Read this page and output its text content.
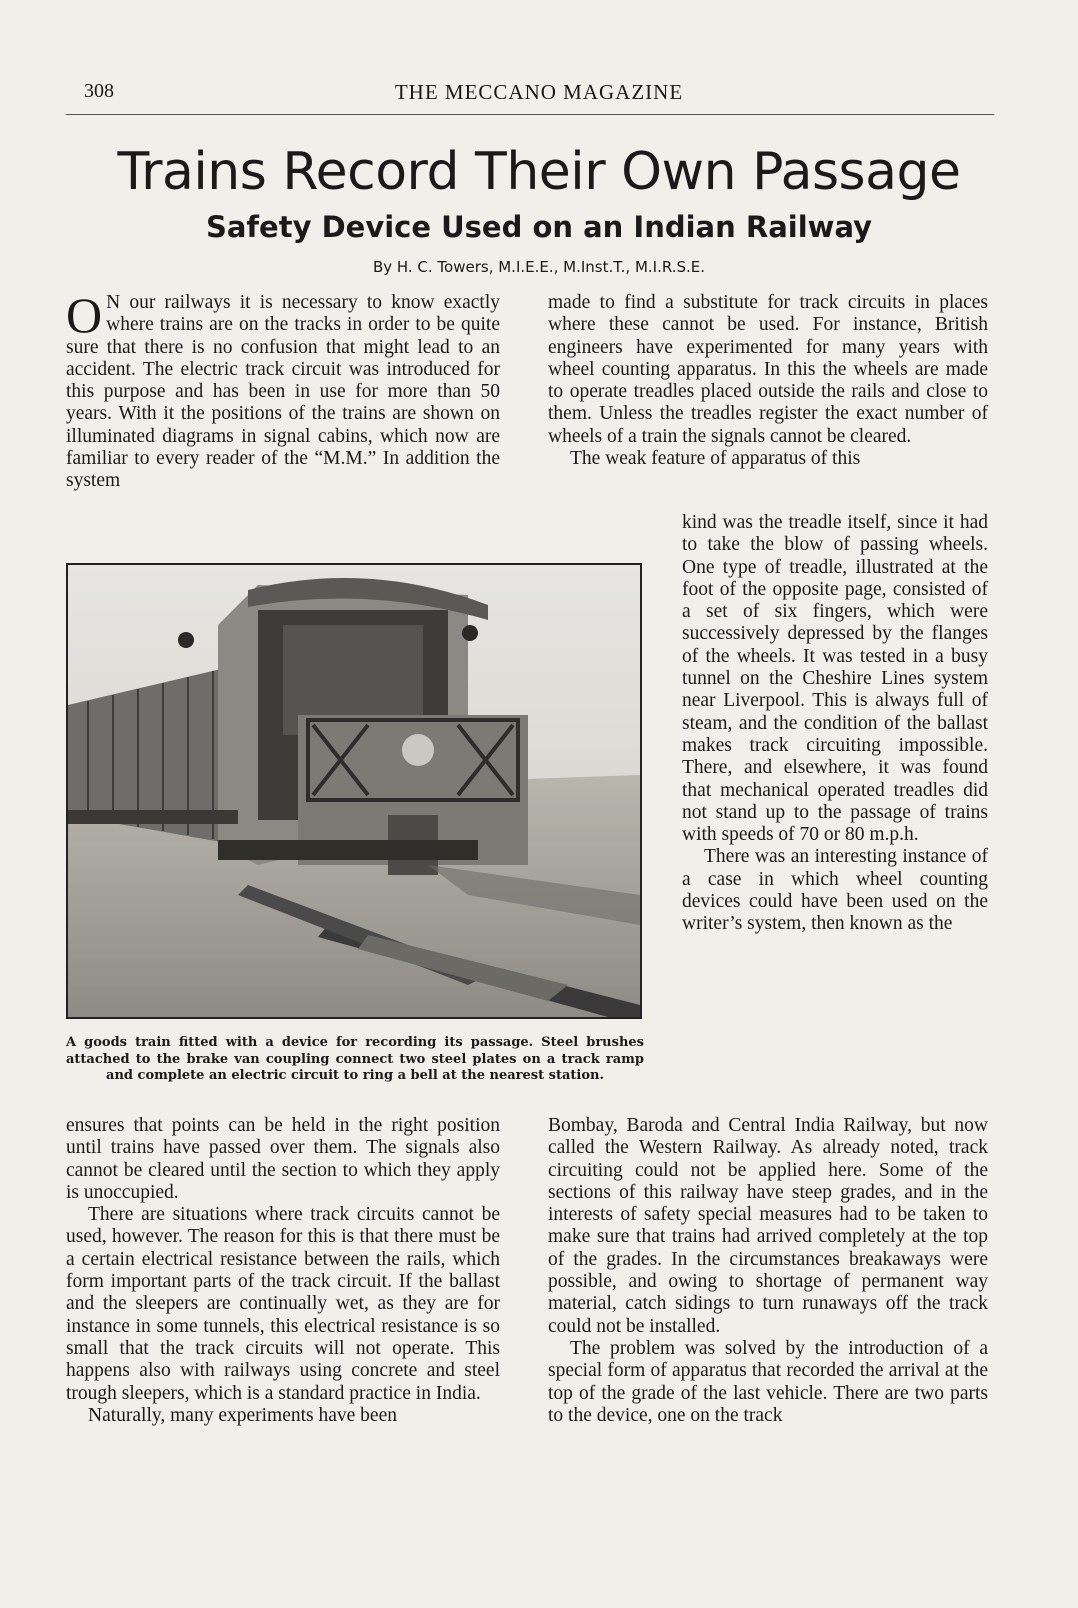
308	THE MECCANO MAGAZINE
Trains Record Their Own Passage
Safety Device Used on an Indian Railway
By H. C. Towers, M.I.E.E., M.Inst.T., M.I.R.S.E.

O N our railways it is necessary to know exactly where trains are on the tracks in order to be quite sure that there is no confusion that might lead to an accident. The electric track circuit was introduced for this purpose and has been in use for more than 50 years. With it the positions of the trains are shown on illuminated diagrams in signal cabins, which now are familiar to every reader of the “M.M.” In addition the system

made to find a substitute for track circuits in places where these cannot be used. For instance, British engineers have experimented for many years with wheel counting apparatus. In this the wheels are made to operate treadles placed outside the rails and close to them. Unless the treadles register the exact number of wheels of a train the signals cannot be cleared.

The weak feature of apparatus of this

kind was the treadle itself, since it had to take the blow of passing wheels. One type of treadle, illustrated at the foot of the opposite page, consisted of a set of six fingers, which were successively depressed by the flanges of the wheels. It was tested in a busy tunnel on the Cheshire Lines system near Liverpool. This is always full of steam, and the condition of the ballast makes track circuiting impossible. There, and elsewhere, it was found that mechanical operated treadles did not stand up to the passage of trains with speeds of 70 or 80 m.p.h.

There was an interesting instance of a case in which wheel counting devices could have been used on the writer’s system, then known as the

A goods train fitted with a device for recording its passage. Steel brushes attached to the brake van coupling connect two steel plates on a track ramp and complete an electric circuit to ring a bell at the nearest station.

ensures that points can be held in the right position until trains have passed over them. The signals also cannot be cleared until the section to which they apply is unoccupied.

There are situations where track circuits cannot be used, however. The reason for this is that there must be a certain electrical resistance between the rails, which form important parts of the track circuit. If the ballast and the sleepers are continually wet, as they are for instance in some tunnels, this electrical resistance is so small that the track circuits will not operate. This happens also with railways using concrete and steel trough sleepers, which is a standard practice in India.

Naturally, many experiments have been

Bombay, Baroda and Central India Railway, but now called the Western Railway. As already noted, track circuiting could not be applied here. Some of the sections of this railway have steep grades, and in the interests of safety special measures had to be taken to make sure that trains had arrived completely at the top of the grades. In the circumstances breakaways were possible, and owing to shortage of permanent way material, catch sidings to turn runaways off the track could not be installed.

The problem was solved by the introduction of a special form of apparatus that recorded the arrival at the top of the grade of the last vehicle. There are two parts to the device, one on the track
